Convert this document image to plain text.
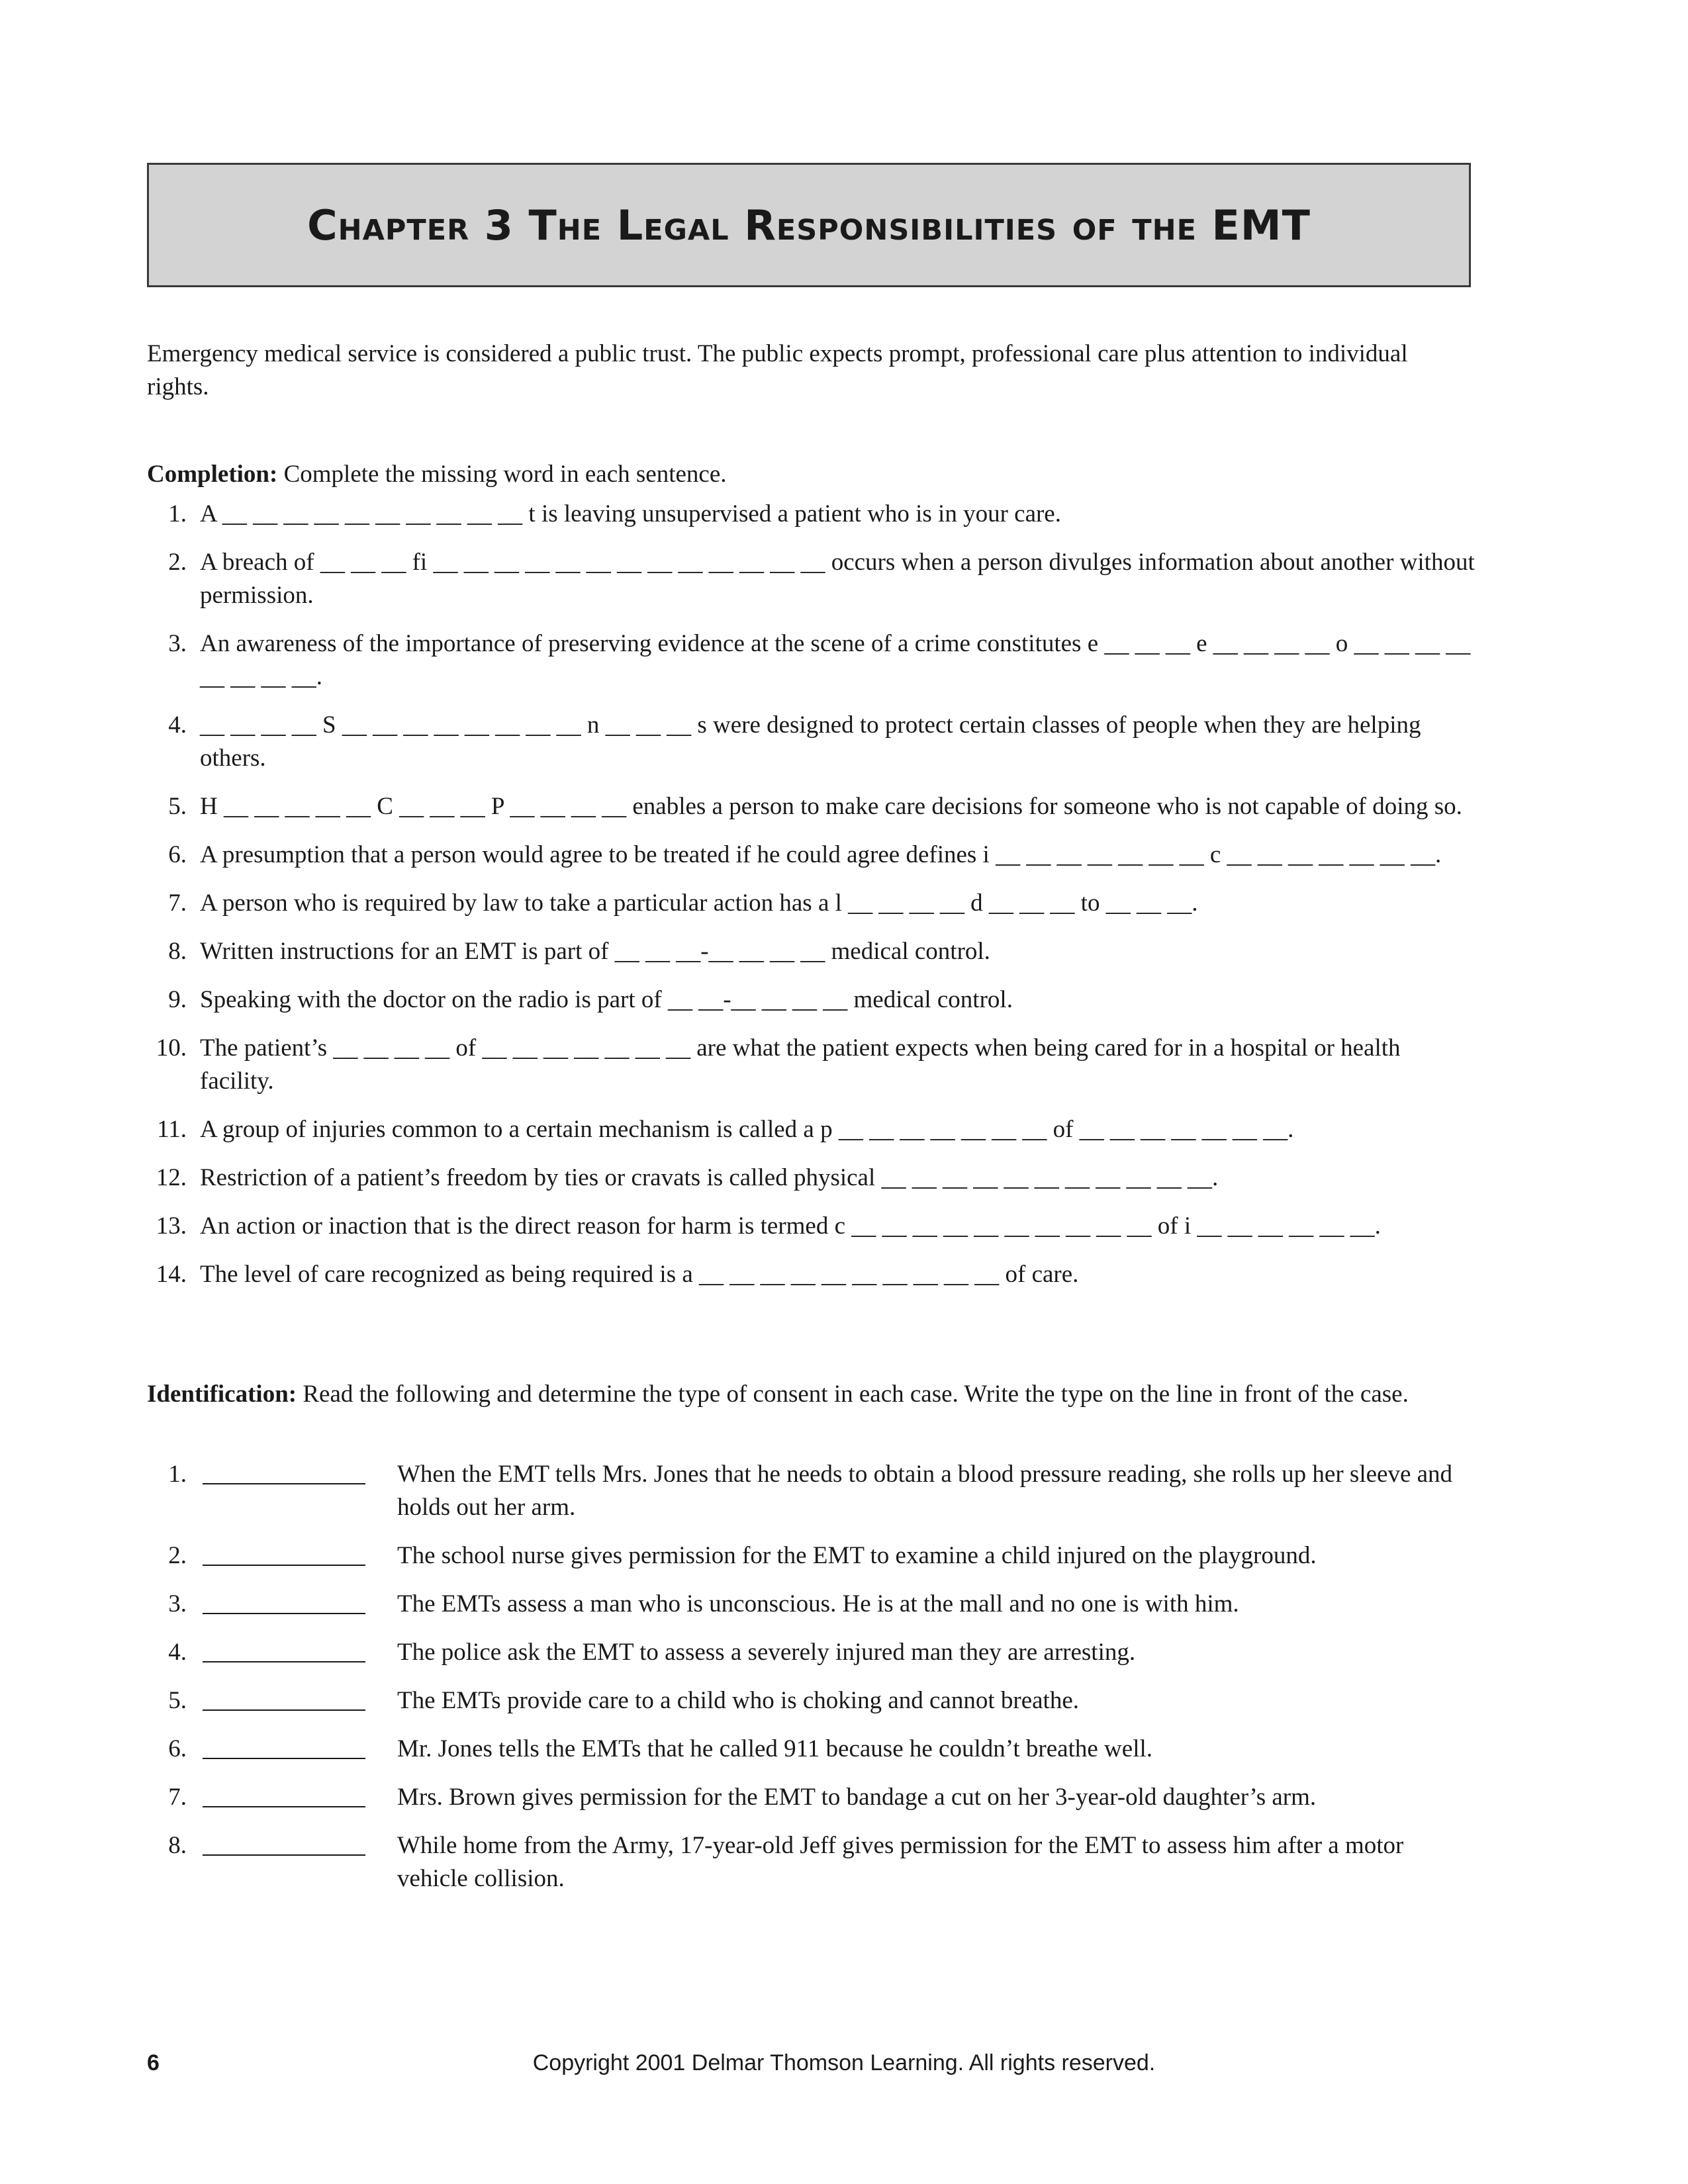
Chapter 3 The Legal Responsibilities of the EMT
Emergency medical service is considered a public trust. The public expects prompt, professional care plus attention to individual rights.
Completion: Complete the missing word in each sentence.
1. A __ __ __ __ __ __ __ __ __ __ t is leaving unsupervised a patient who is in your care.
2. A breach of __ __ __ fi __ __ __ __ __ __ __ __ __ __ __ __ __ occurs when a person divulges information about another without permission.
3. An awareness of the importance of preserving evidence at the scene of a crime constitutes e __ __ __ e __ __ __ __ o __ __ __ __ __ __ __ __.
4. __ __ __ __ S __ __ __ __ __ __ __ __ n __ __ __ s were designed to protect certain classes of people when they are helping others.
5. H __ __ __ __ __ C __ __ __ P __ __ __ __ enables a person to make care decisions for someone who is not capable of doing so.
6. A presumption that a person would agree to be treated if he could agree defines i __ __ __ __ __ __ __ c __ __ __ __ __ __ __.
7. A person who is required by law to take a particular action has a l __ __ __ __ d __ __ __ to __ __ __.
8. Written instructions for an EMT is part of __ __ __-__ __ __ __ medical control.
9. Speaking with the doctor on the radio is part of __ __-__ __ __ __ medical control.
10. The patient’s __ __ __ __ of __ __ __ __ __ __ __ are what the patient expects when being cared for in a hospital or health facility.
11. A group of injuries common to a certain mechanism is called a p __ __ __ __ __ __ __ of __ __ __ __ __ __ __.
12. Restriction of a patient’s freedom by ties or cravats is called physical __ __ __ __ __ __ __ __ __ __ __.
13. An action or inaction that is the direct reason for harm is termed c __ __ __ __ __ __ __ __ __ __ of i __ __ __ __ __ __.
14. The level of care recognized as being required is a __ __ __ __ __ __ __ __ __ __ of care.
Identification: Read the following and determine the type of consent in each case. Write the type on the line in front of the case.
1.	When the EMT tells Mrs. Jones that he needs to obtain a blood pressure reading, she rolls up her sleeve and holds out her arm.
2.	The school nurse gives permission for the EMT to examine a child injured on the playground.
3.	The EMTs assess a man who is unconscious. He is at the mall and no one is with him.
4.	The police ask the EMT to assess a severely injured man they are arresting.
5.	The EMTs provide care to a child who is choking and cannot breathe.
6.	Mr. Jones tells the EMTs that he called 911 because he couldn’t breathe well.
7.	Mrs. Brown gives permission for the EMT to bandage a cut on her 3-year-old daughter’s arm.
8.	While home from the Army, 17-year-old Jeff gives permission for the EMT to assess him after a motor vehicle collision.
6	Copyright 2001 Delmar Thomson Learning. All rights reserved.
